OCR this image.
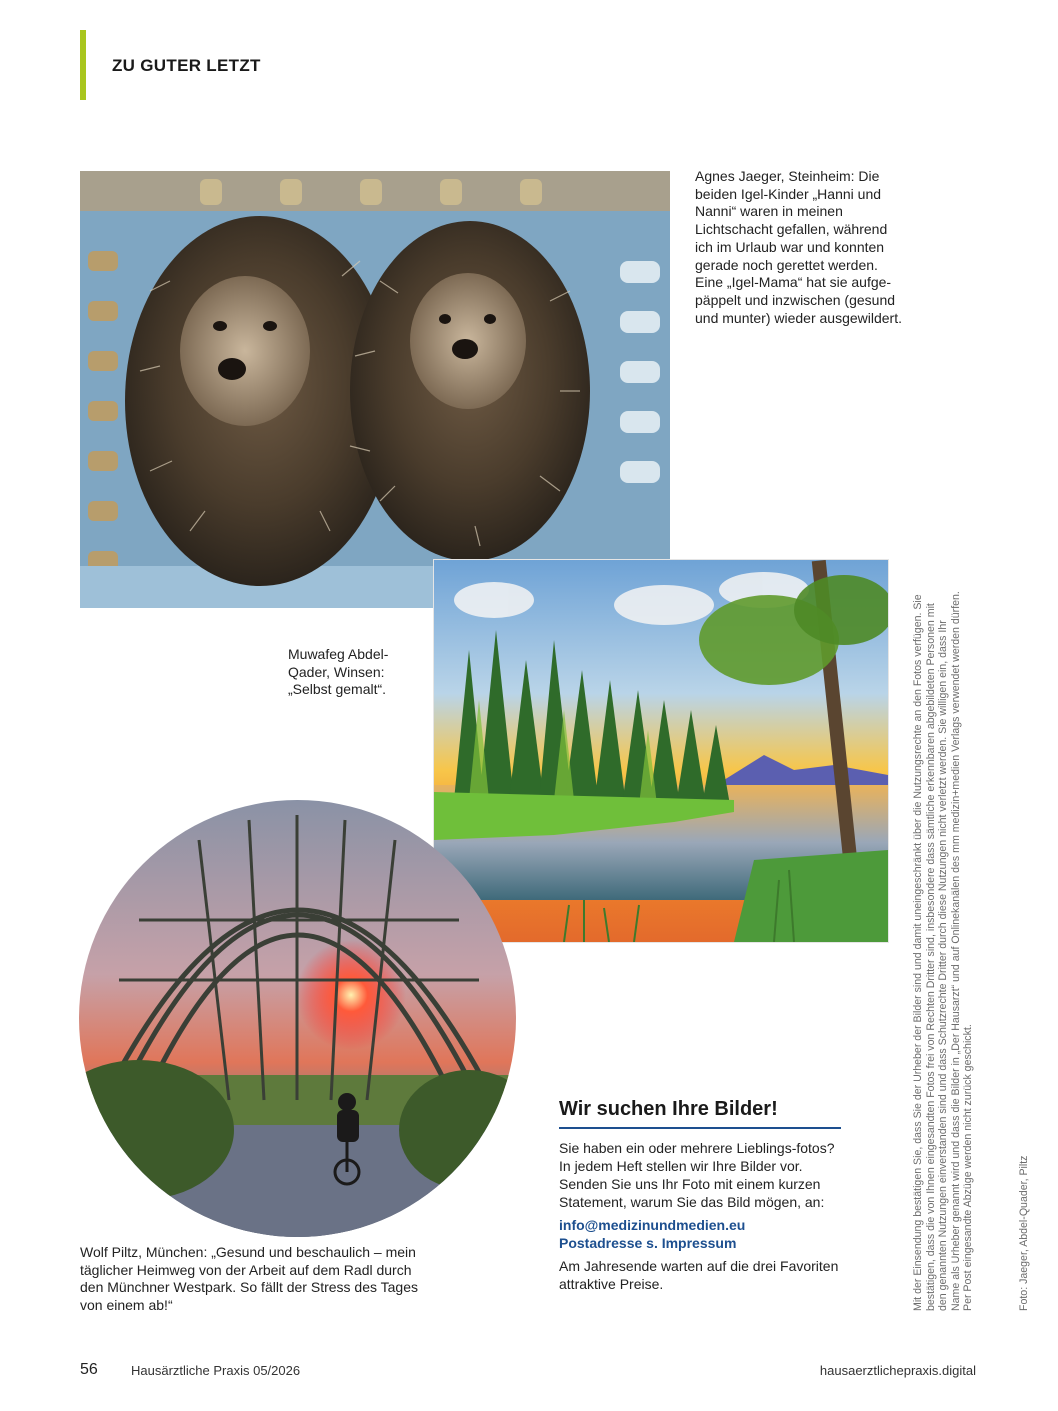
ZU GUTER LETZT
Agnes Jaeger, Steinheim: Die beiden Igel-Kinder „Hanni und Nanni“ waren in meinen Lichtschacht gefallen, während ich im Urlaub war und konnten gerade noch gerettet werden. Eine „Igel-Mama“ hat sie aufge-päppelt und inzwischen (gesund und munter) wieder ausgewildert.
Muwafeg Abdel-Qader, Winsen: „Selbst gemalt“.
Wolf Piltz, München: „Gesund und beschaulich – mein täglicher Heimweg von der Arbeit auf dem Radl durch den Münchner Westpark. So fällt der Stress des Tages von einem ab!“
Wir suchen Ihre Bilder!

Sie haben ein oder mehrere Lieblings-fotos? In jedem Heft stellen wir Ihre Bilder vor. Senden Sie uns Ihr Foto mit einem kurzen Statement, warum Sie das Bild mögen, an:

info@medizinundmedien.eu
Postadresse s. Impressum

Am Jahresende warten auf die drei Favoriten attraktive Preise.	Mit der Einsendung bestätigen Sie, dass Sie der Urheber der Bilder sind und damit uneingeschränkt über die Nutzungsrechte an den Fotos verfügen. Sie bestätigen, dass die von Ihnen eingesandten Fotos frei von Rechten Dritter sind, insbesondere dass sämtliche erkennbaren abgebildeten Personen mit den genannten Nutzungen einverstanden sind und dass Schutzrechte Dritter durch diese Nutzungen nicht verletzt werden. Sie willigen ein, dass Ihr Name als Urheber genannt wird und dass die Bilder in „Der Hausarzt“ und auf Onlinekanälen des mm medizin+medien Verlags verwendet werden dürfen. Per Post eingesandte Abzüge werden nicht zurück geschickt.	Foto: Jaeger, Abdel-Quader, Piltz
56	Hausärztliche Praxis 05/2026	hausaerztlichepraxis.digital
